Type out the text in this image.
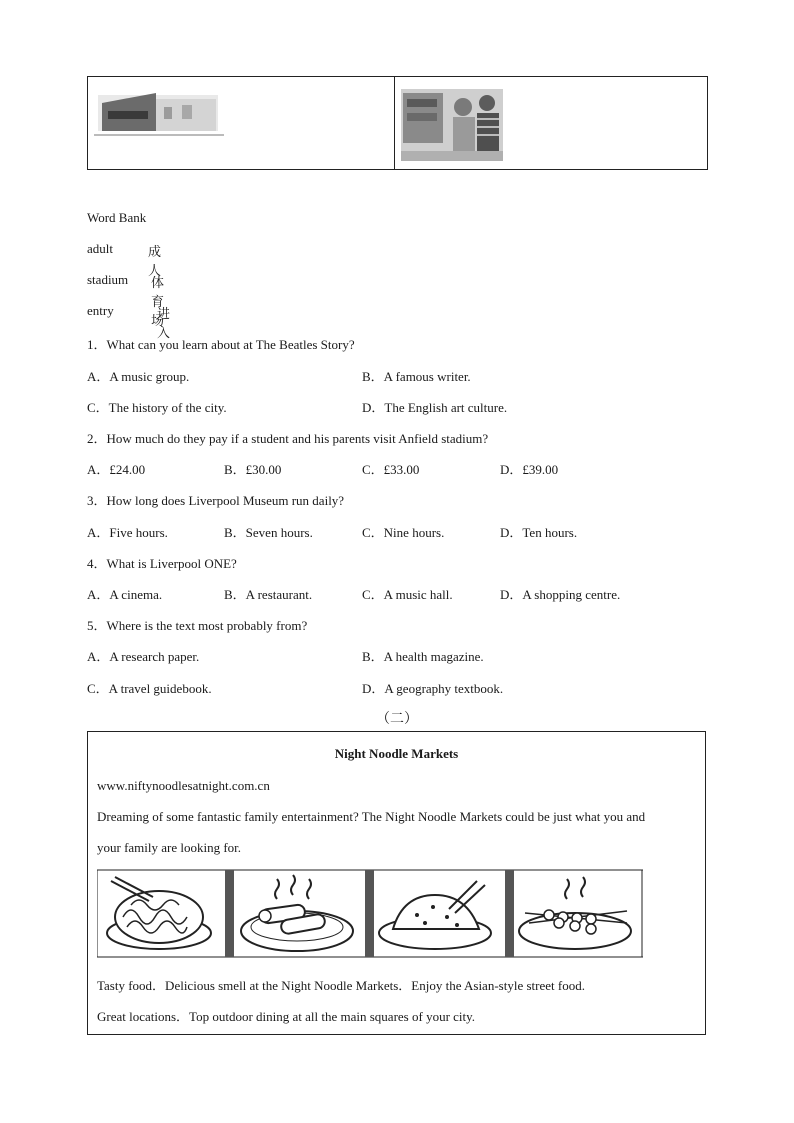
Word Bank
adult	成人
stadium 体育场
entry	进入
1．What can you learn about at The Beatles Story?
A．A music group.	B．A famous writer.
C．The history of the city.	D．The English art culture.
2．How much do they pay if a student and his parents visit Anfield stadium?
A．£24.00	B．£30.00	C．£33.00	D．£39.00
3．How long does Liverpool Museum run daily?
A．Five hours.	B．Seven hours.	C．Nine hours.	D．Ten hours.
4．What is Liverpool ONE?
A．A cinema.	B．A restaurant.	C．A music hall.	D．A shopping centre.
5．Where is the text most probably from?
A．A research paper.	B．A health magazine.
C．A travel guidebook.	D．A geography textbook.
（二）
Night Noodle Markets
www.niftynoodlesatnight.com.cn
Dreaming of some fantastic family entertainment? The Night Noodle Markets could be just what you and
your family are looking for.
Tasty food．Delicious smell at the Night Noodle Markets．Enjoy the Asian-style street food.
Great locations．Top outdoor dining at all the main squares of your city.
